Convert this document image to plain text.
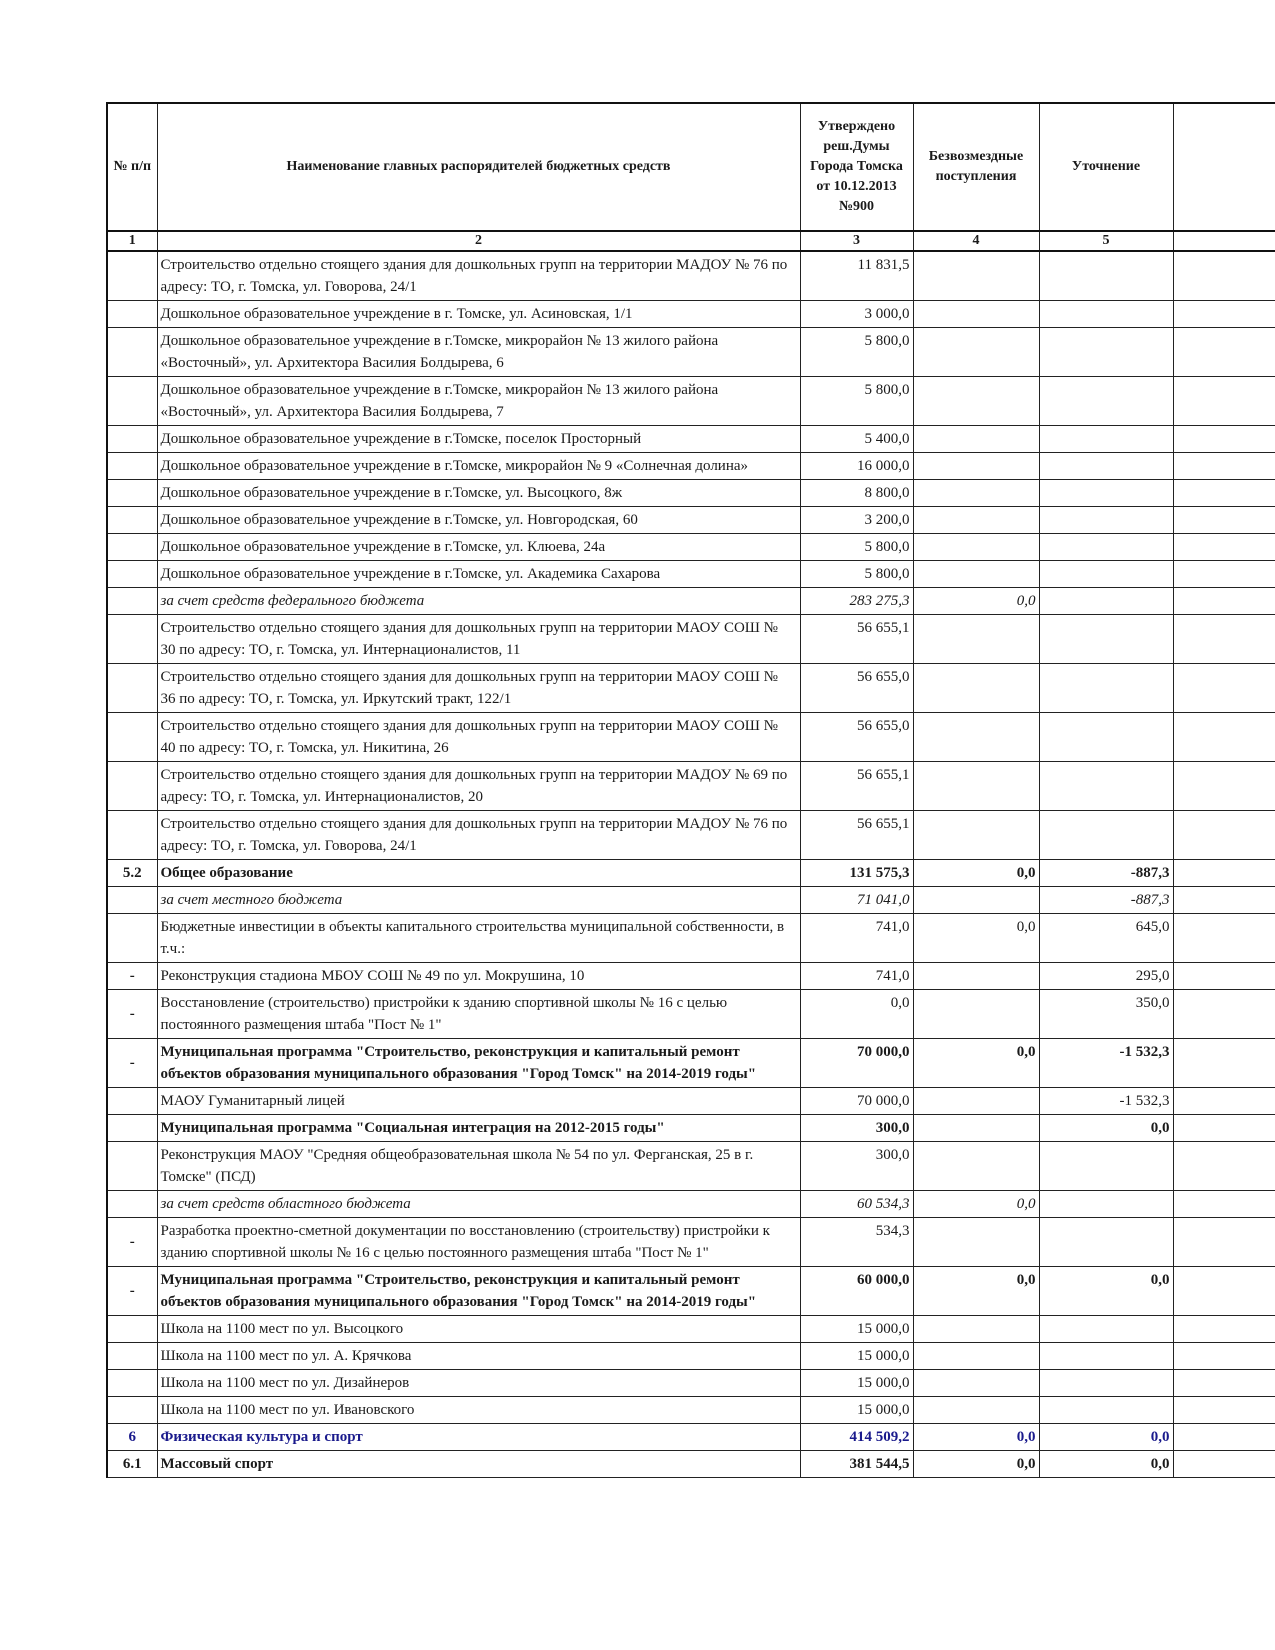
№ п/п	Наименование главных распорядителей бюджетных средств	Утверждено реш.Думы Города Томска от 10.12.2013 №900	Безвозмездные поступления	Уточнение	
1	2	3	4	5	
	Строительство отдельно стоящего здания для дошкольных групп на территории МАДОУ № 76 по адресу: ТО, г. Томска, ул. Говорова, 24/1	11 831,5			
	Дошкольное образовательное учреждение в г. Томске, ул. Асиновская, 1/1	3 000,0			
	Дошкольное образовательное учреждение в г.Томске, микрорайон № 13 жилого района «Восточный», ул. Архитектора Василия Болдырева, 6	5 800,0			
	Дошкольное образовательное учреждение в г.Томске, микрорайон № 13 жилого района «Восточный», ул. Архитектора Василия Болдырева, 7	5 800,0			
	Дошкольное образовательное учреждение в г.Томске, поселок Просторный	5 400,0			
	Дошкольное образовательное учреждение в г.Томске, микрорайон № 9 «Солнечная долина»	16 000,0			
	Дошкольное образовательное учреждение в г.Томске, ул. Высоцкого, 8ж	8 800,0			
	Дошкольное образовательное учреждение в г.Томске, ул. Новгородская, 60	3 200,0			
	Дошкольное образовательное учреждение в г.Томске, ул. Клюева, 24а	5 800,0			
	Дошкольное образовательное учреждение в г.Томске, ул. Академика Сахарова	5 800,0			
	за счет средств федерального бюджета	283 275,3	0,0		
	Строительство отдельно стоящего здания для дошкольных групп на территории МАОУ СОШ № 30 по адресу: ТО, г. Томска, ул. Интернационалистов, 11	56 655,1			
	Строительство отдельно стоящего здания для дошкольных групп на территории МАОУ СОШ № 36 по адресу: ТО, г. Томска, ул. Иркутский тракт, 122/1	56 655,0			
	Строительство отдельно стоящего здания для дошкольных групп на территории МАОУ СОШ № 40 по адресу: ТО, г. Томска, ул. Никитина, 26	56 655,0			
	Строительство отдельно стоящего здания для дошкольных групп на территории МАДОУ № 69 по адресу: ТО, г. Томска, ул. Интернационалистов, 20	56 655,1			
	Строительство отдельно стоящего здания для дошкольных групп на территории МАДОУ № 76 по адресу: ТО, г. Томска, ул. Говорова, 24/1	56 655,1			
5.2	Общее образование	131 575,3	0,0	-887,3	
	за счет местного бюджета	71 041,0		-887,3	
	Бюджетные инвестиции в объекты капитального строительства муниципальной собственности, в т.ч.:	741,0	0,0	645,0	
-	Реконструкция стадиона МБОУ СОШ № 49 по ул. Мокрушина, 10	741,0		295,0	
-	Восстановление (строительство) пристройки к зданию спортивной школы № 16 с целью постоянного размещения штаба "Пост № 1"	0,0		350,0	
-	Муниципальная программа "Строительство, реконструкция и капитальный ремонт объектов образования муниципального образования "Город Томск" на 2014-2019 годы"	70 000,0	0,0	-1 532,3	
	МАОУ Гуманитарный лицей	70 000,0		-1 532,3	
	Муниципальная программа "Социальная интеграция на 2012-2015 годы"	300,0		0,0	
	Реконструкция МАОУ "Средняя общеобразовательная школа № 54 по ул. Ферганская, 25 в г. Томске" (ПСД)	300,0			
	за счет средств областного бюджета	60 534,3	0,0		
-	Разработка проектно-сметной документации по восстановлению (строительству) пристройки к зданию спортивной школы № 16 с целью постоянного размещения штаба "Пост № 1"	534,3			
-	Муниципальная программа "Строительство, реконструкция и капитальный ремонт объектов образования муниципального образования "Город Томск" на 2014-2019 годы"	60 000,0	0,0	0,0	
	Школа на 1100 мест по ул. Высоцкого	15 000,0			
	Школа на 1100 мест по ул. А. Крячкова	15 000,0			
	Школа на 1100 мест по ул. Дизайнеров	15 000,0			
	Школа на 1100 мест по ул. Ивановского	15 000,0			
6	Физическая культура и спорт	414 509,2	0,0	0,0	
6.1	Массовый спорт	381 544,5	0,0	0,0	
